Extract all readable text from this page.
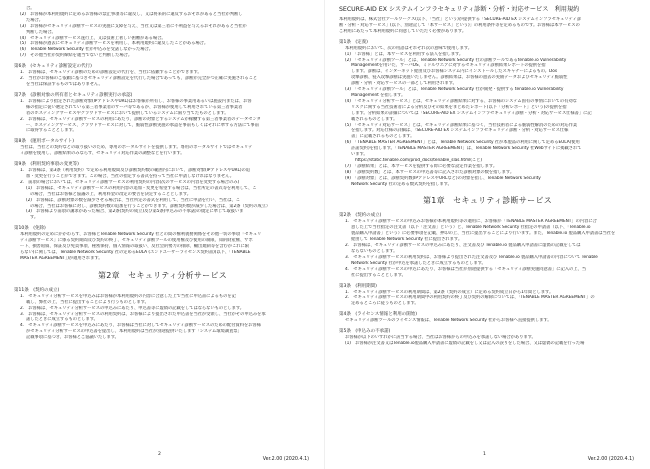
合。
(2)　お客様が本利用規約に定めるお客様の禁止事項等に違反し、又は将来的に違反するおそれがあると当社が判断し
た場合。
(3)　お客様がセキュリティ診断サービスの実施に支障を与え、当社又は第三者に不利益を与えるおそれがあると当社が
判断した場合。
(4)　セキュリティ診断サービス遂行上、又は技術上著しい困難がある場合。
(5)　お客様が過去にセキュリティ診断サービスを利用し、本利用規約に違反したことがある場合。
(6)　Tenable Network Security 社が申込みを受諾しなかった場合。
(7)　その他当社が契約締結を適当でないと判断した場合。
第6条　(セキュリティ診断設定の代行)
1.　お客様は、セキュリティ診断のための診断設定の代行を、当社に依頼することができます。
2.　当社がお客様のご依頼に基づきセキュリティ診断設定を代行した場合であっても、診断が完全かつ正確に実施されること
を当社は保証するものではありません。
第7条　(診断対象の所有者とセキュリティ診断実行の承認)
1.　お客様により指定された診断対象(IPアドレスやURL)はお客様が所有し、お客様の事業用あるいは施設内または、お客
様の指定に従い選定されている第三者事業者のサーバ等であるか、お客様が使用して利用されている第三者事業者
者のホスティングサービスやクラウドサービスにおいて提供しているシステムに限り当てたものとします。
2.　お客様は、セキュリティ診断サービスの利用にあたり、診断の対象とするシステムが稼働する第三者事業者のデータセンタ
ー、ホスティングサービス、クラウドサービスに対して、脆弱性診断実施の承認を事前もしくはそれに準ずる方法にて事前
に取得することとします。
第8条　(運用ポータルサイト)
当社は、当社との契約などの取り扱いのため、専用のポータルサイトを提供します。専用のポータルサイトではセキュリテ
ィ診断を使用し、診断結果のみならず、セキュリティ対応作業の調整などを行います。
第9条　(利用契約事項の変更等)
1.　お客様は、第3条（利用契約）で定める利用規間及び診断契約数の範囲内において、診断対象(IPアドレスやURL)の追
加・変更を行うことができます。この場合、当社の指定する書式を持って当社に申請しなければなりません。
2.　前項の場合においては、セキュリティ診断サービスの利用契約の内容(次のサービスの内容を変更する場合のみ)
(1)　お客様は、セキュリティ診断サービスの利用内容の追加・変更を希望する場合は、当社所定の書式等を利用して、こ
の場合、当社はお客様と協議の上、利用料金の改定の要否を決定することとします。
(2)　お客様は、診断対象の数を減少させる場合は、当社所定の書式を利用して、当社に申請を行い、当社は、こ
の場合、当社はお客様に対し、診断契約数の追加を行うことができます。診断契約数が減少した場合は、第2条（契約の成立）
(3)　お客様より前項の講求があった場合、第2条(契約の成立)及び第5条(申込みの不承諾)の規定に準じて取扱いま
す。
第10条　(免除)
本利用規約の定めにかかわらず、お客様とTenable Network Security 社との間の権利義務関係をその他一切の事項「セキュリ
ティ診断サービス」に係る契約期間及び契約の終了、セキュリティ診断ツールの使用権及び使用の制限、知的財産権、サポ
ート、損害賠償、保証及び免責事項、秘密保持、個人情報の取扱い、反社会的勢力の排除、輸出規制等を含むがこれに限
らない)に関しては、Tenable Network Security 社の定めるEULA (エンドユーザーライセンス契約書)(以下、「TENABLE
MASTER AGREEMENT」)が適用されます。
第2章　セキュリティ分析サービス
第11条　(契約の成立)
1.　セキュリティ分析サービスを申込みはお客様が本利用規約の内容に合意した上で当社に申込書によるものを記
載し、弊社の上、当社に提出することにより行うものとします。
2.　お客様は、セキュリティ分析サービスの申込みにあたり、申込書等に虚偽の記載をしてはならないものとします。
3.　お客様は、セキュリティ分析サービスの利用契約は、お客様により提出された申込書を当社が受領し、当社がその申込みを承
諾したときに成立するものとします。
4.　セキュリティ診断サービスを申込みにあたり、お客様は当社に対してセキュリティ診断サービスのための配付資料をお客様
がセキュリティ分析サービスの申込書を提出し、本利用規約は当社が別途提供いたします「システム環境調査票」
記載事項に基づき、お客様とご協議いたします。
2
Ver.2.00 (2020.4.1)
SECURE-AID EX システムインフラセキュリティ診断・分析・対応サービス　利用規約
本利用規約は、株式会社アールワークス(以下、「当社」という)が提供する「SECURE-AID EX システムインフラセキュリティ診
断・分析・対応サービス」(以下、別途記して「本サービス」という)」の利用条件等を定めるものです。お客様は本サービスの
ご利用にあたって本利用規約に同意していただく必要があります。
第1条　(定義)
本利用規約において、次の用語はそれぞれ次の意味で使用します。
(1)　「お客様」とは、本サービスを利用する法人を指します。
(2)　「セキュリティ診断ツール」とは、Tenable Network Security 社の診断ツールであるtenable.io Vulnerability
Managementを用いた、サーバOS、ミドルウエアに対するセキュリティ診断結果レポートの提供を指
します。診断は、インターネット経由及びお客様システム内にインストールしたスキャナーによるもの。Dos
攻撃診断、侵入攻撃診断は実施いたしません。診断結果は、お客様の過去の実績データおよびセキュリティ脆弱性
診断・分析・対応サービスの一部として利用されます。
(3)　「セキュリティ診断ツール」とは、Tenable Network Security 社が開発・提供する tenable.io Vulnerability
Management を指します。
(4)　「セキュリティ分析サービス」とは、セキュリティ診断結果に対する、お客様のシステム固有の事情においての有効な
リスクに関する当社技術者による分析及びその結果をまとめたレポート(以下「分析レポート」という)の提供を指
します。分析結果の詳細については「SECURE-AID EX システムインフラセキュリティ診断・分析・対応サービス仕様書」に記
載されるものとします。
(5)　「セキュリティ対応サービス」とは、セキュリティ診断結果に基づく、当社技術者による脆弱性解消のための対応作業
を指します。対応仕様の詳細は、「SECURE-AID EX システムインフラセキュリティ診断・分析・対応サービス仕様
書」に記載されるものとします。
(6)　「TENABLE MASTER AGREEMENT」とは、Tenable Network Security 社が本製品の利用に関して定めるEULA(使用
許諾契約)を指します。「TENABLE MASTER AGREEMENT」は、Tenable Network Security 社Webサイトに掲載されて
います。
https://static.tenable.com/prod_docs/tenable_slas.html(こと)
(7)　「診断結果」とは、本サービスを提供する際に必要な設定作業を指します。
(8)　「診断契約数」とは、本サービスの申込書等に記入された診断対象の数を指します。
(9)　「診断対象」とは、診断契約数(IPアドレスやURLなど)の対象を指し、Tenable Network Security
Network Security 社の定める数式契約を指します。
第1章　セキュリティ診断サービス
第2条　(契約の成立)
1.　セキュリティ診断サービスの申込みお客様が本利用規約等の適用に、お客様が「TENABLE MASTER AGREEMENT」の内容に合
意した上で当社指定の注文書（以下「注文書」という）と、Tenable Network Security 社指定の申請書（以下、「Tenable.io
製品購入申請書」という）に必要事項を記載、押印の上、当社に提出することにより行います。また、Tenable.io 製品購入申請書は当社を
経由して Tenable Network Security 社に提出されます。
2.　お客様は、セキュリティ診断サービスの申込みにあたり、注文書及び Tenable.io 製品購入申請書に虚偽の記載をしては
ならないものとします。
3.　セキュリティ診断サービスの利用契約は、お客様より提出された注文書及び Tenable.io 製品購入申請書の内容について Tenable
Network Security 社が申込を承諾したときに成立するものとします。
4.　セキュリティ診断サービスの申込にあたり、お客様は当社が別途提供する「セキュリティ診断実施同意書」に記入の上、当
社に提出することとします。
第3条　(利用期間)
1.　セキュリティ診断サービスの利用期間は、第2条（契約の成立）に定める契約成立日から1年間とします。
2.　セキュリティ診断サービスの利用期間中の利用契約の終了及び契約の解除については、「TENABLE MASTER AGREEMENT」の
定めるところに従うものとします。
第4条　(ライセンス情報と利用の開始)
セキュリティ診断ツールのライセンス情報は、Tenable Network Security 社からお客様へ直接提供します。
第5条　(申込みの不承諾)
お客様が以下のいずれかに該当する場合、当社はお客様からの申込みを承諾しない場合があります。
(1)　お客様が注文書又はTenable.io製品購入申請書に虚偽の記載をし又は記入の誤りをした場合、又は虚偽の記載を行った場
1
Ver.2.00 (2020.4.1)
